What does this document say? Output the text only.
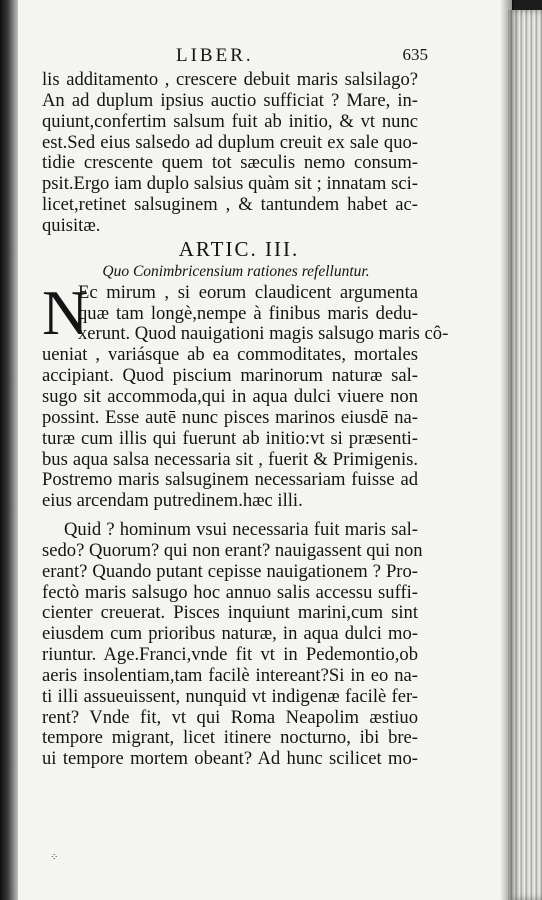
LIBER.	635
lis additamento , crescere debuit maris salsilago?
An ad duplum ipsius auctio sufficiat ? Mare, in-
quiunt,confertim salsum fuit ab initio, & vt nunc
est.Sed eius salsedo ad duplum creuit ex sale quo-
tidie crescente quem tot sæculis nemo consum-
psit.Ergo iam duplo salsius quàm sit ; innatam sci-
licet,retinet salsuginem , & tantundem habet ac-
quisitæ.
ARTIC. III.
Quo Conimbricensium rationes refelluntur.
N
Ec mirum , si eorum claudicent argumenta
quæ tam longè,nempe à finibus maris dedu-
xerunt. Quod nauigationi magis salsugo maris cô-
ueniat , variásque ab ea commoditates, mortales
accipiant. Quod piscium marinorum naturæ sal-
sugo sit accommoda,qui in aqua dulci viuere non
possint. Esse autē nunc pisces marinos eiusdē na-
turæ cum illis qui fuerunt ab initio:vt si præsenti-
bus aqua salsa necessaria sit , fuerit & Primigenis.
Postremo maris salsuginem necessariam fuisse ad
eius arcendam putredinem.hæc illi.
Quid ? hominum vsui necessaria fuit maris sal-
sedo? Quorum? qui non erant? nauigassent qui non
erant? Quando putant cepisse nauigationem ? Pro-
fectò maris salsugo hoc annuo salis accessu suffi-
cienter creuerat. Pisces inquiunt marini,cum sint
eiusdem cum prioribus naturæ, in aqua dulci mo-
riuntur. Age.Franci,vnde fit vt in Pedemontio,ob
aeris insolentiam,tam facilè intereant?Si in eo na-
ti illi assueuissent, nunquid vt indigenæ facilè fer-
rent? Vnde fit, vt qui Roma Neapolim æstiuo
tempore migrant, licet itinere nocturno, ibi bre-
ui tempore mortem obeant? Ad hunc scilicet mo-
⁘
